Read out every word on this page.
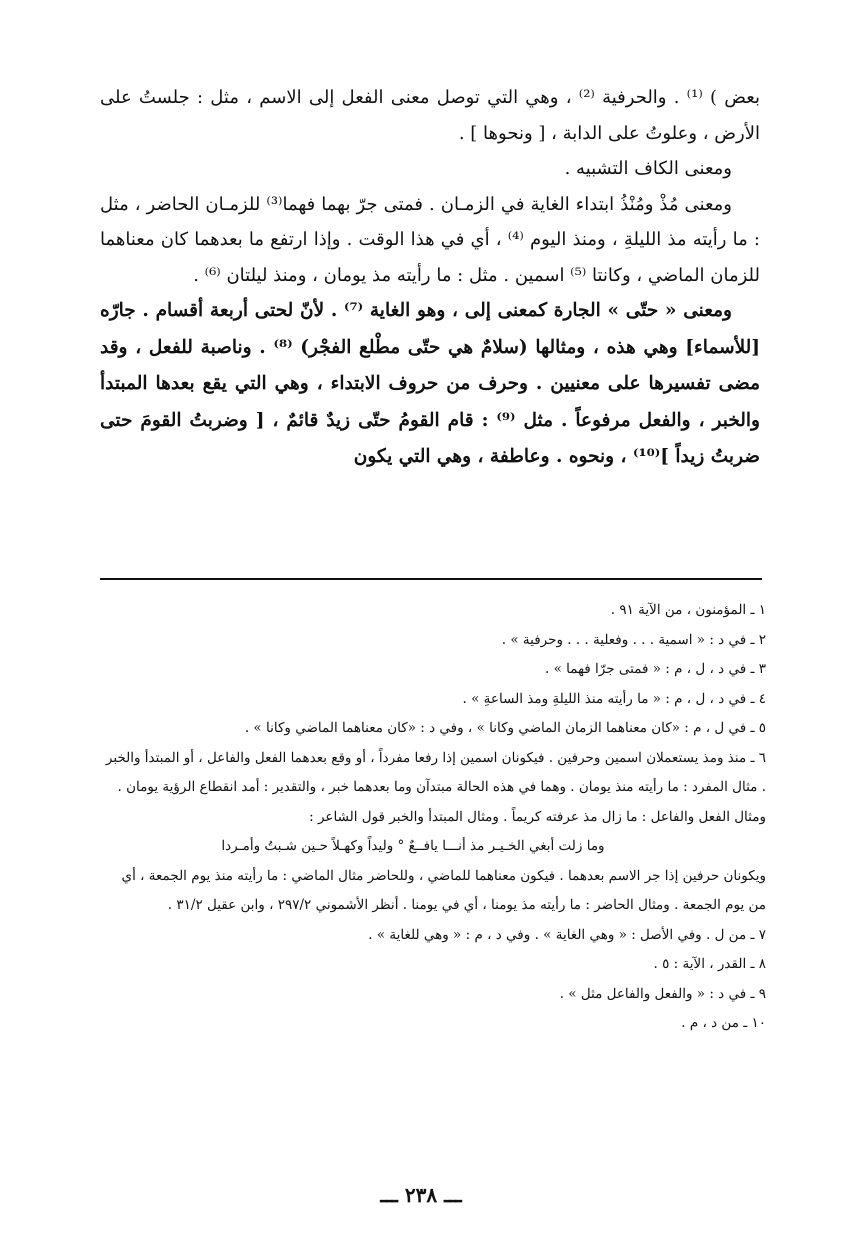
بعض ) ⁽¹⁾ . والحرفية ⁽²⁾ ، وهي التي توصل معنى الفعل إلى الاسم ، مثل : جلستُ على الأرض ، وعلوتُ على الدابة ، [ ونحوها ] .

ومعنى الكاف التشبيه .

ومعنى مُذْ ومُنْذُ ابتداء الغاية في الزمـان . فمتى جرّ بهما فهما⁽³⁾ للزمـان الحاضر ، مثل : ما رأيته مذ الليلةِ ، ومنذ اليوم ⁽⁴⁾ ، أي في هذا الوقت . وإذا ارتفع ما بعدهما كان معناهما للزمان الماضي ، وكانتا ⁽⁵⁾ اسمين . مثل : ما رأيته مذ يومان ، ومنذ ليلتان ⁽⁶⁾ .

ومعنى « حتّى » الجارة كمعنى إلى ، وهو الغاية ⁽⁷⁾ . لأنّ لحتى أربعة أقسام . جارّه [للأسماء] وهي هذه ، ومثالها (سلامٌ هي حتّى مطْلع الفجْر) ⁽⁸⁾ . وناصبة للفعل ، وقد مضى تفسيرها على معنيين . وحرف من حروف الابتداء ، وهي التي يقع بعدها المبتدأ والخبر ، والفعل مرفوعاً . مثل ⁽⁹⁾ : قام القومُ حتّى زيدٌ قائمٌ ، [ وضربتُ القومَ حتى ضربتُ زيداً ]⁽¹⁰⁾ ، ونحوه . وعاطفة ، وهي التي يكون

١ ـ المؤمنون ، من الآية ٩١ .
٢ ـ في د : « اسمية . . . وفعلية . . . وحرفية » .
٣ ـ في د ، ل ، م : « فمتى جرّا فهما » .
٤ ـ في د ، ل ، م : « ما رأيته منذ الليلةِ ومذ الساعةِ » .
٥ ـ في ل ، م : «كان معناهما الزمان الماضي وكانا » ، وفي د : «كان معناهما الماضي وكانا » .
٦ ـ منذ ومذ يستعملان اسمين وحرفين . فيكونان اسمين إذا رفعا مفرداً ، أو وقع بعدهما الفعل والفاعل ، أو المبتدأ والخبر . مثال المفرد : ما رأيته منذ يومان . وهما في هذه الحالة مبتدآن وما بعدهما خبر ، والتقدير : أمد انقطاع الرؤية يومان . ومثال الفعل والفاعل : ما زال مذ عرفته كريماً . ومثال المبتدأ والخبر قول الشاعر :
وما زلت أبغي الخـيـر مذ أنـــا يافــعٌ ° وليداً وكهـلاً حـين شـبتُ وأمـردا
ويكونان حرفين إذا جر الاسم بعدهما . فيكون معناهما للماضي ، وللحاضر مثال الماضي : ما رأيته منذ يوم الجمعة ، أي من يوم الجمعة . ومثال الحاضر : ما رأيته مذ يومنا ، أي في يومنا . أنظر الأشموني ٢٩٧/٢ ، وابن عقيل ٣١/٢ .
٧ ـ من ل . وفي الأصل : « وهي الغاية » . وفي د ، م : « وهي للغاية » .
٨ ـ القدر ، الآية : ٥ .
٩ ـ في د : « والفعل والفاعل مثل » .
١٠ ـ من د ، م .
ـــ ٢٣٨ ـــ
